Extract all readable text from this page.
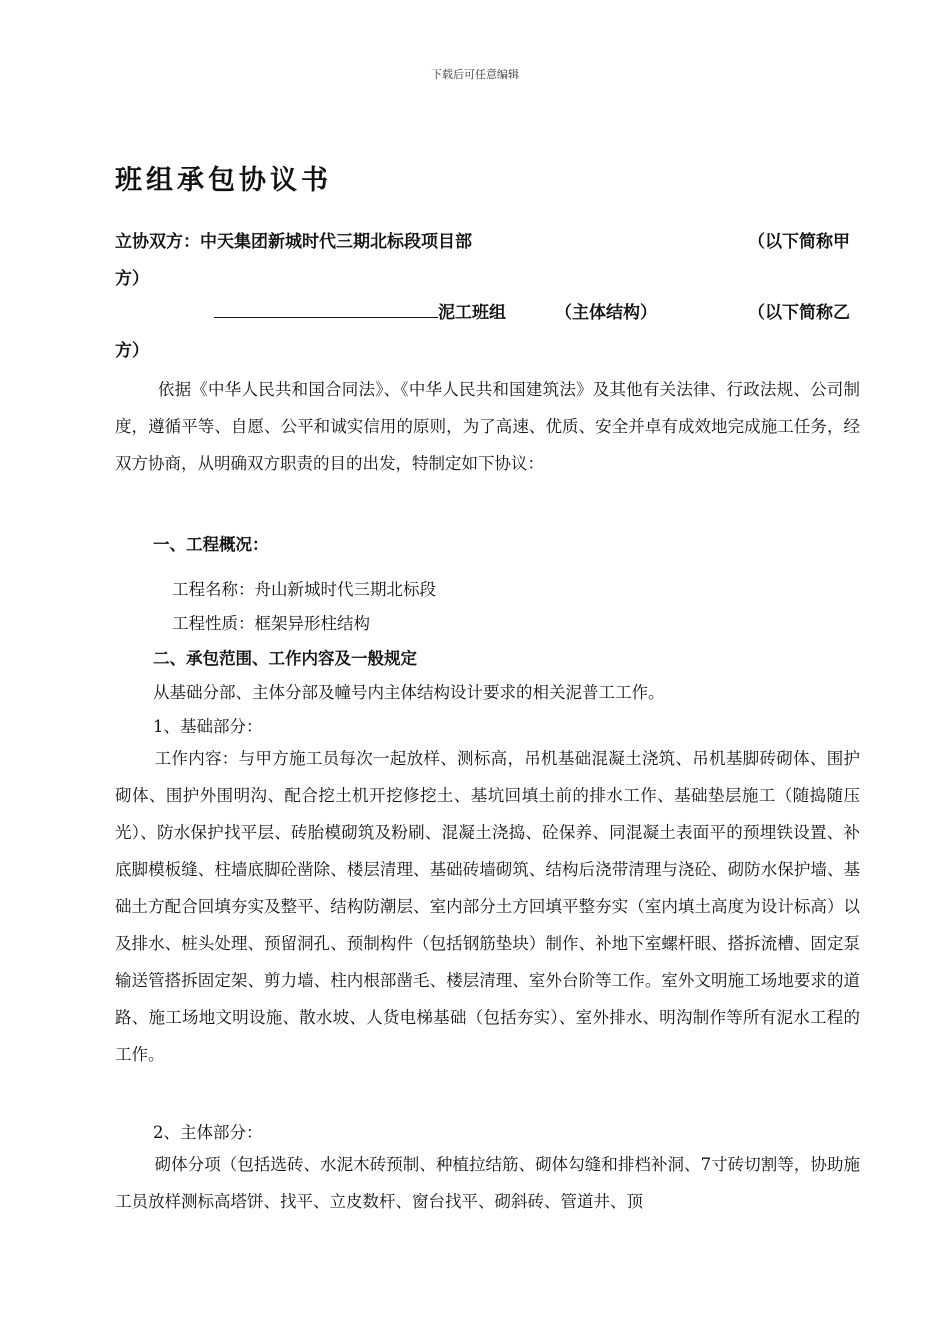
下载后可任意编辑
班组承包协议书
立协双方：中天集团新城时代三期北标段项目部	（以下简称甲
方）
泥工班组	（主体结构）	（以下简称乙
方）

依据《中华人民共和国合同法》、《中华人民共和国建筑法》及其他有关法律、行政法规、公司制度，遵循平等、自愿、公平和诚实信用的原则，为了高速、优质、安全并卓有成效地完成施工任务，经双方协商，从明确双方职责的目的出发，特制定如下协议：

一、工程概况：
工程名称：舟山新城时代三期北标段
工程性质：框架异形柱结构
二、承包范围、工作内容及一般规定
从基础分部、主体分部及幢号内主体结构设计要求的相关泥普工工作。
1、基础部分：

工作内容：与甲方施工员每次一起放样、测标高，吊机基础混凝土浇筑、吊机基脚砖砌体、围护砌体、围护外围明沟、配合挖土机开挖修挖土、基坑回填土前的排水工作、基础垫层施工（随捣随压光）、防水保护找平层、砖胎模砌筑及粉刷、混凝土浇捣、砼保养、同混凝土表面平的预埋铁设置、补底脚模板缝、柱墙底脚砼凿除、楼层清理、基础砖墙砌筑、结构后浇带清理与浇砼、砌防水保护墙、基础土方配合回填夯实及整平、结构防潮层、室内部分土方回填平整夯实（室内填土高度为设计标高）以及排水、桩头处理、预留洞孔、预制构件（包括钢筋垫块）制作、补地下室螺杆眼、搭拆流槽、固定泵输送管搭拆固定架、剪力墙、柱内根部凿毛、楼层清理、室外台阶等工作。室外文明施工场地要求的道路、施工场地文明设施、散水坡、人货电梯基础（包括夯实）、室外排水、明沟制作等所有泥水工程的工作。

2、主体部分：

砌体分项（包括选砖、水泥木砖预制、种植拉结筋、砌体勾缝和排档补洞、7寸砖切割等，协助施工员放样测标高塔饼、找平、立皮数杆、窗台找平、砌斜砖、管道井、顶
